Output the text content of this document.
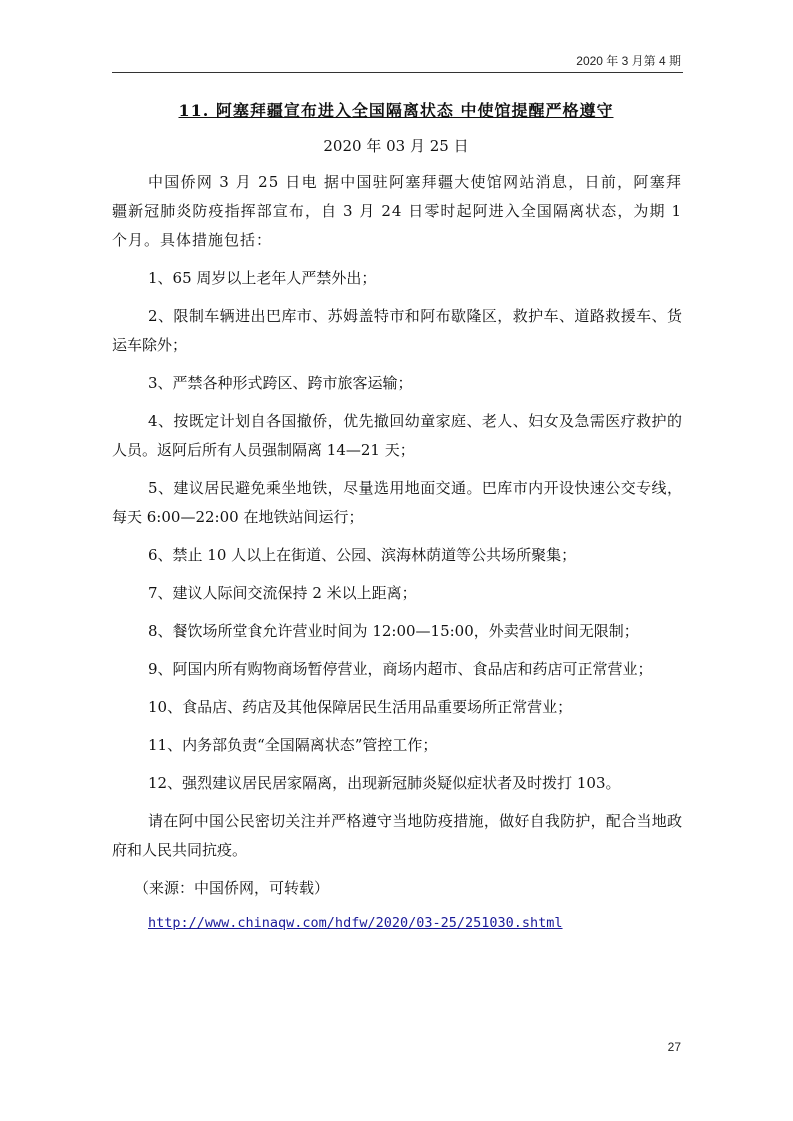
2020 年 3 月第 4 期
11. 阿塞拜疆宣布进入全国隔离状态 中使馆提醒严格遵守
2020 年 03 月 25 日

中国侨网 3 月 25 日电 据中国驻阿塞拜疆大使馆网站消息，日前，阿塞拜疆新冠肺炎防疫指挥部宣布，自 3 月 24 日零时起阿进入全国隔离状态，为期 1 个月。具体措施包括：

1、65 周岁以上老年人严禁外出；

2、限制车辆进出巴库市、苏姆盖特市和阿布歇隆区，救护车、道路救援车、货运车除外；

3、严禁各种形式跨区、跨市旅客运输；

4、按既定计划自各国撤侨，优先撤回幼童家庭、老人、妇女及急需医疗救护的人员。返阿后所有人员强制隔离 14—21 天；

5、建议居民避免乘坐地铁，尽量选用地面交通。巴库市内开设快速公交专线，每天 6:00—22:00 在地铁站间运行；

6、禁止 10 人以上在街道、公园、滨海林荫道等公共场所聚集；

7、建议人际间交流保持 2 米以上距离；

8、餐饮场所堂食允许营业时间为 12:00—15:00，外卖营业时间无限制；

9、阿国内所有购物商场暂停营业，商场内超市、食品店和药店可正常营业；

10、食品店、药店及其他保障居民生活用品重要场所正常营业；

11、内务部负责“全国隔离状态”管控工作；

12、强烈建议居民居家隔离，出现新冠肺炎疑似症状者及时拨打 103。

请在阿中国公民密切关注并严格遵守当地防疫措施，做好自我防护，配合当地政府和人民共同抗疫。

（来源：中国侨网，可转载）

http://www.chinaqw.com/hdfw/2020/03-25/251030.shtml
27
